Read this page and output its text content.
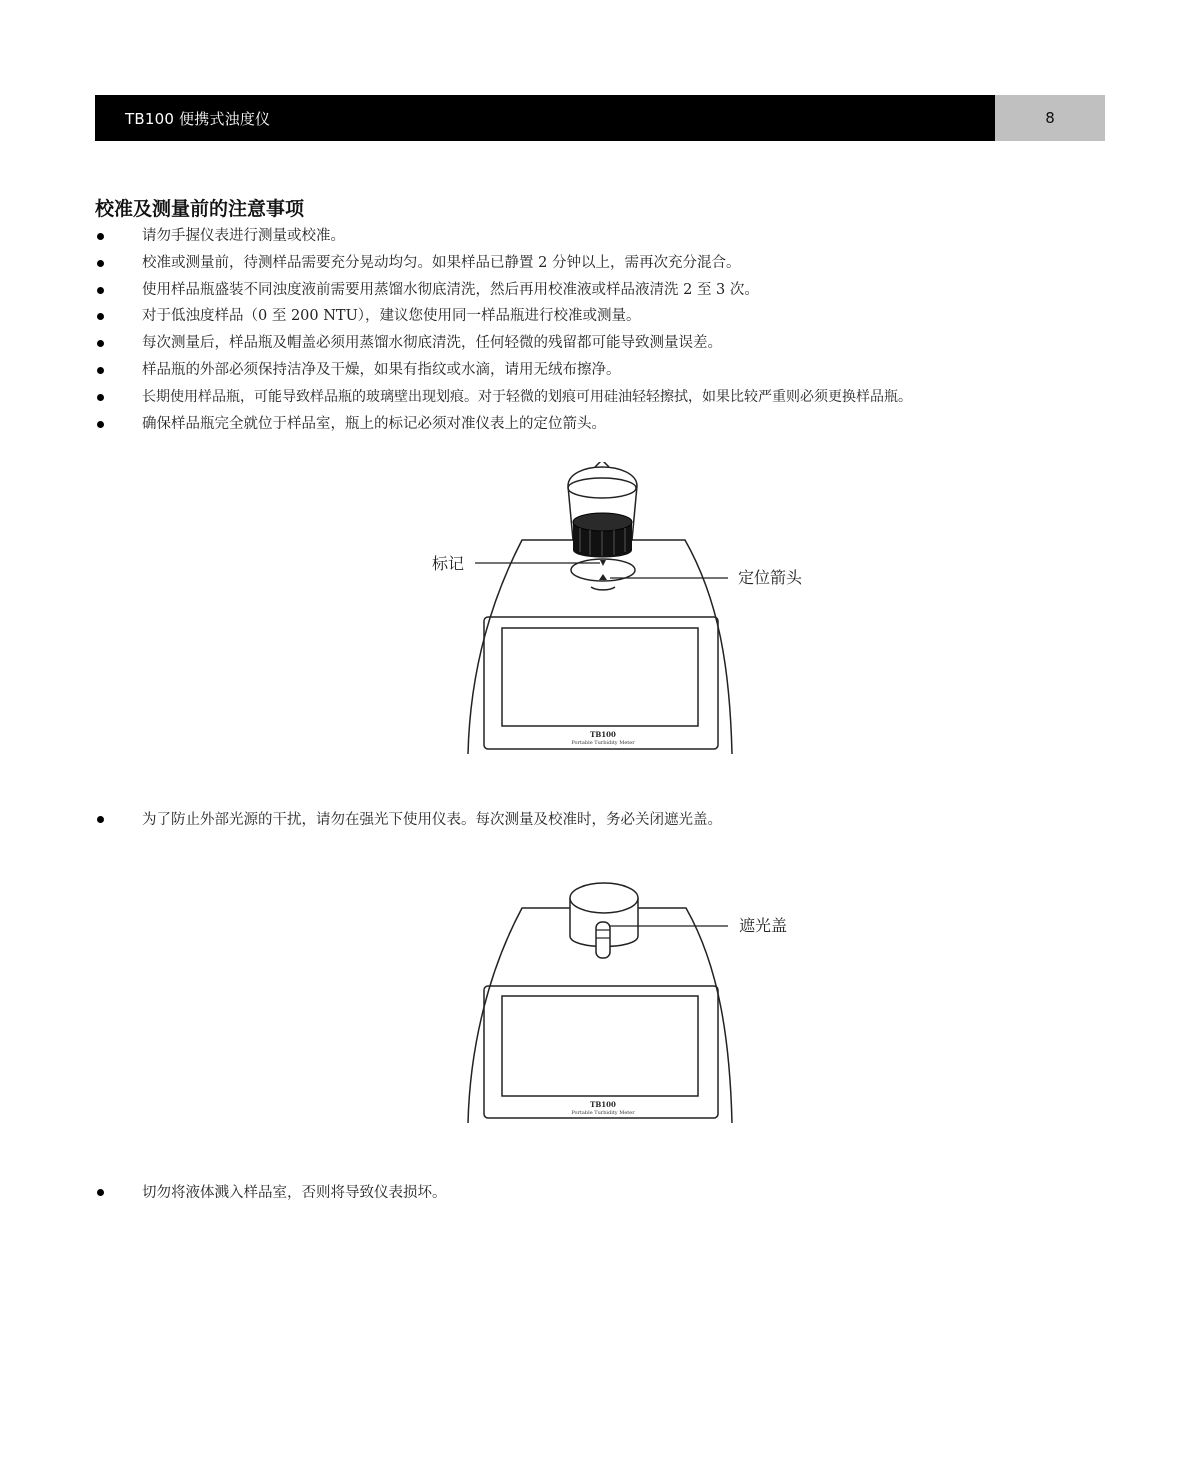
TB100 便携式浊度仪	8
校准及测量前的注意事项
请勿手握仪表进行测量或校准。
校准或测量前，待测样品需要充分晃动均匀。如果样品已静置 2 分钟以上，需再次充分混合。
使用样品瓶盛装不同浊度液前需要用蒸馏水彻底清洗，然后再用校准液或样品液清洗 2 至 3 次。
对于低浊度样品（0 至 200 NTU），建议您使用同一样品瓶进行校准或测量。
每次测量后，样品瓶及帽盖必须用蒸馏水彻底清洗，任何轻微的残留都可能导致测量误差。
样品瓶的外部必须保持洁净及干燥，如果有指纹或水滴，请用无绒布擦净。
长期使用样品瓶，可能导致样品瓶的玻璃壁出现划痕。对于轻微的划痕可用硅油轻轻擦拭，如果比较严重则必须更换样品瓶。
确保样品瓶完全就位于样品室，瓶上的标记必须对准仪表上的定位箭头。
标记
定位箭头
TB100
Portable Turbidity Meter
为了防止外部光源的干扰，请勿在强光下使用仪表。每次测量及校准时，务必关闭遮光盖。
遮光盖
TB100
Portable Turbidity Meter
切勿将液体溅入样品室，否则将导致仪表损坏。
